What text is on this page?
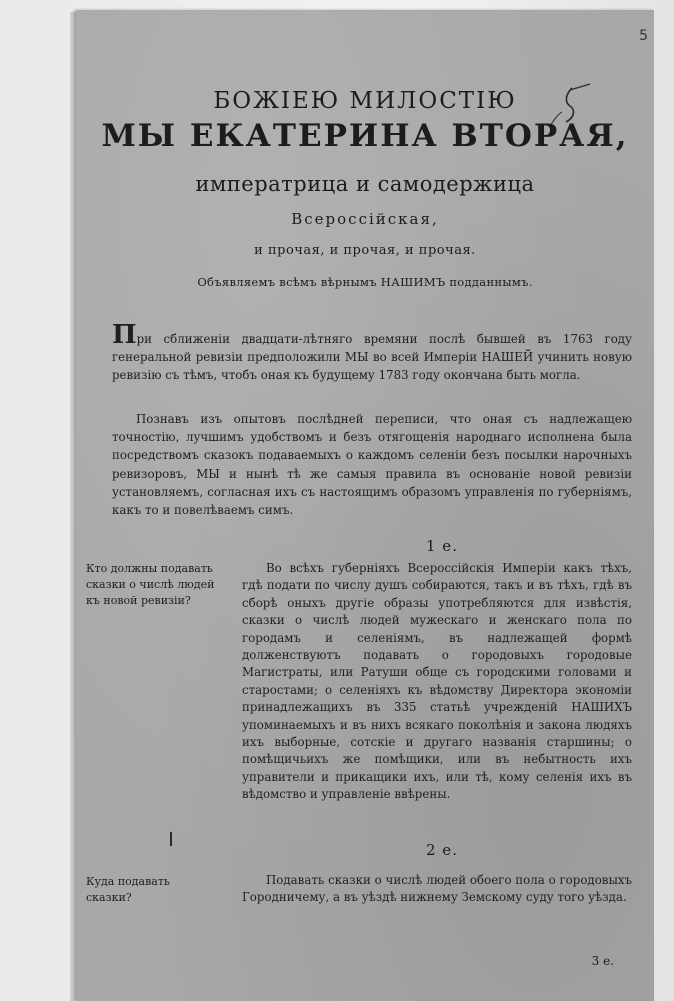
5
БОЖІЕЮ МИЛОСТІЮ
МЫ ЕКАТЕРИНА ВТОРАЯ,
императрица и самодержица
Всероссійская,
и прочая, и прочая, и прочая.
Объявляемъ всѣмъ вѣрнымъ НАШИМЪ подданнымъ.
При сближеніи двадцати-лѣтняго времяни послѣ бывшей въ 1763 году генеральной ревизіи предположили МЫ во всей Имперіи НАШЕЙ учинить новую ревизію съ тѣмъ, чтобъ оная къ будущему 1783 году окончана быть могла.
Познавъ изъ опытовъ послѣдней переписи, что оная съ надлежащею точностію, лучшимъ удобствомъ и безъ отягощенія народнаго исполнена была посредствомъ сказокъ подаваемыхъ о каждомъ селеніи безъ посылки нарочныхъ ревизоровъ, МЫ и нынѣ тѣ же самыя правила въ основаніе новой ревизіи установляемъ, согласная ихъ съ настоящимъ образомъ управленія по губерніямъ, какъ то и повелѣваемъ симъ.
1 е.
Кто должны подавать сказки о числѣ людей къ новой ревизіи?
Во всѣхъ губерніяхъ Всероссійскія Имперіи какъ тѣхъ, гдѣ подати по числу душъ собираются, такъ и въ тѣхъ, гдѣ въ сборѣ оныхъ другіе образы употребляются для извѣстія, сказки о числѣ людей мужескаго и женскаго пола по городамъ и селеніямъ, въ надлежащей формѣ долженствуютъ подавать о городовыхъ городовые Магистраты, или Ратуши обще съ городскими головами и старостами; о селеніяхъ къ вѣдомству Директора экономіи принадлежащихъ въ 335 статьѣ учрежденій НАШИХЪ упоминаемыхъ и въ нихъ всякаго поколѣнія и закона людяхъ ихъ выборные, сотскіе и другаго названія старшины; о помѣщичьихъ же помѣщики, или въ небытность ихъ управители и прикащики ихъ, или тѣ, кому селенія ихъ въ вѣдомство и управленіе ввѣрены.
2 е.
Куда подавать сказки?
Подавать сказки о числѣ людей обоего пола о городовыхъ Городничему, а въ уѣздѣ нижнему Земскому суду того уѣзда.
3 е.
